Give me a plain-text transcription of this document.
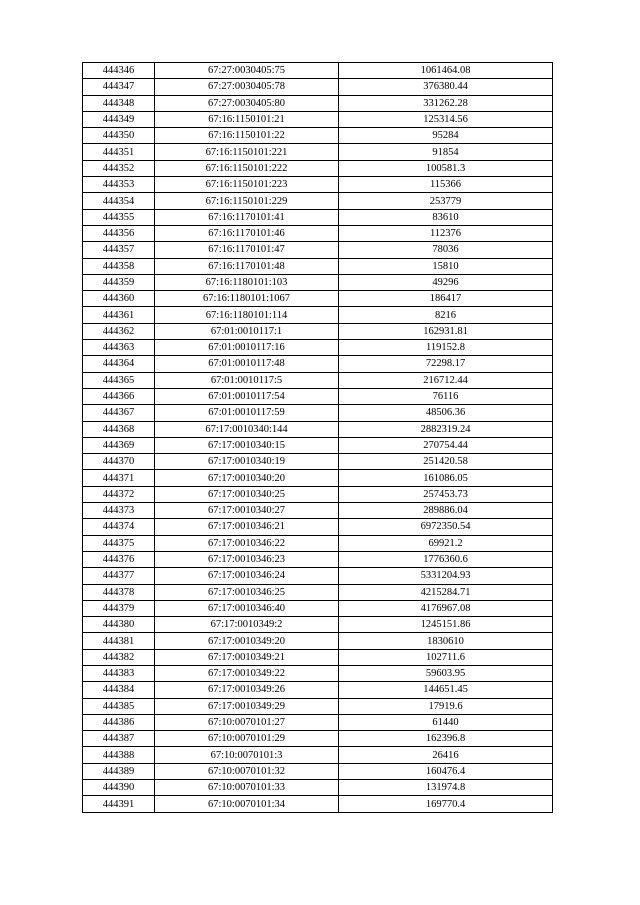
444346	67:27:0030405:75	1061464.08
444347	67:27:0030405:78	376380.44
444348	67:27:0030405:80	331262.28
444349	67:16:1150101:21	125314.56
444350	67:16:1150101:22	95284
444351	67:16:1150101:221	91854
444352	67:16:1150101:222	100581.3
444353	67:16:1150101:223	115366
444354	67:16:1150101:229	253779
444355	67:16:1170101:41	83610
444356	67:16:1170101:46	112376
444357	67:16:1170101:47	78036
444358	67:16:1170101:48	15810
444359	67:16:1180101:103	49296
444360	67:16:1180101:1067	186417
444361	67:16:1180101:114	8216
444362	67:01:0010117:1	162931.81
444363	67:01:0010117:16	119152.8
444364	67:01:0010117:48	72298.17
444365	67:01:0010117:5	216712.44
444366	67:01:0010117:54	76116
444367	67:01:0010117:59	48506.36
444368	67:17:0010340:144	2882319.24
444369	67:17:0010340:15	270754.44
444370	67:17:0010340:19	251420.58
444371	67:17:0010340:20	161086.05
444372	67:17:0010340:25	257453.73
444373	67:17:0010340:27	289886.04
444374	67:17:0010346:21	6972350.54
444375	67:17:0010346:22	69921.2
444376	67:17:0010346:23	1776360.6
444377	67:17:0010346:24	5331204.93
444378	67:17:0010346:25	4215284.71
444379	67:17:0010346:40	4176967.08
444380	67:17:0010349:2	1245151.86
444381	67:17:0010349:20	1830610
444382	67:17:0010349:21	102711.6
444383	67:17:0010349:22	59603.95
444384	67:17:0010349:26	144651.45
444385	67:17:0010349:29	17919.6
444386	67:10:0070101:27	61440
444387	67:10:0070101:29	162396.8
444388	67:10:0070101:3	26416
444389	67:10:0070101:32	160476.4
444390	67:10:0070101:33	131974.8
444391	67:10:0070101:34	169770.4
